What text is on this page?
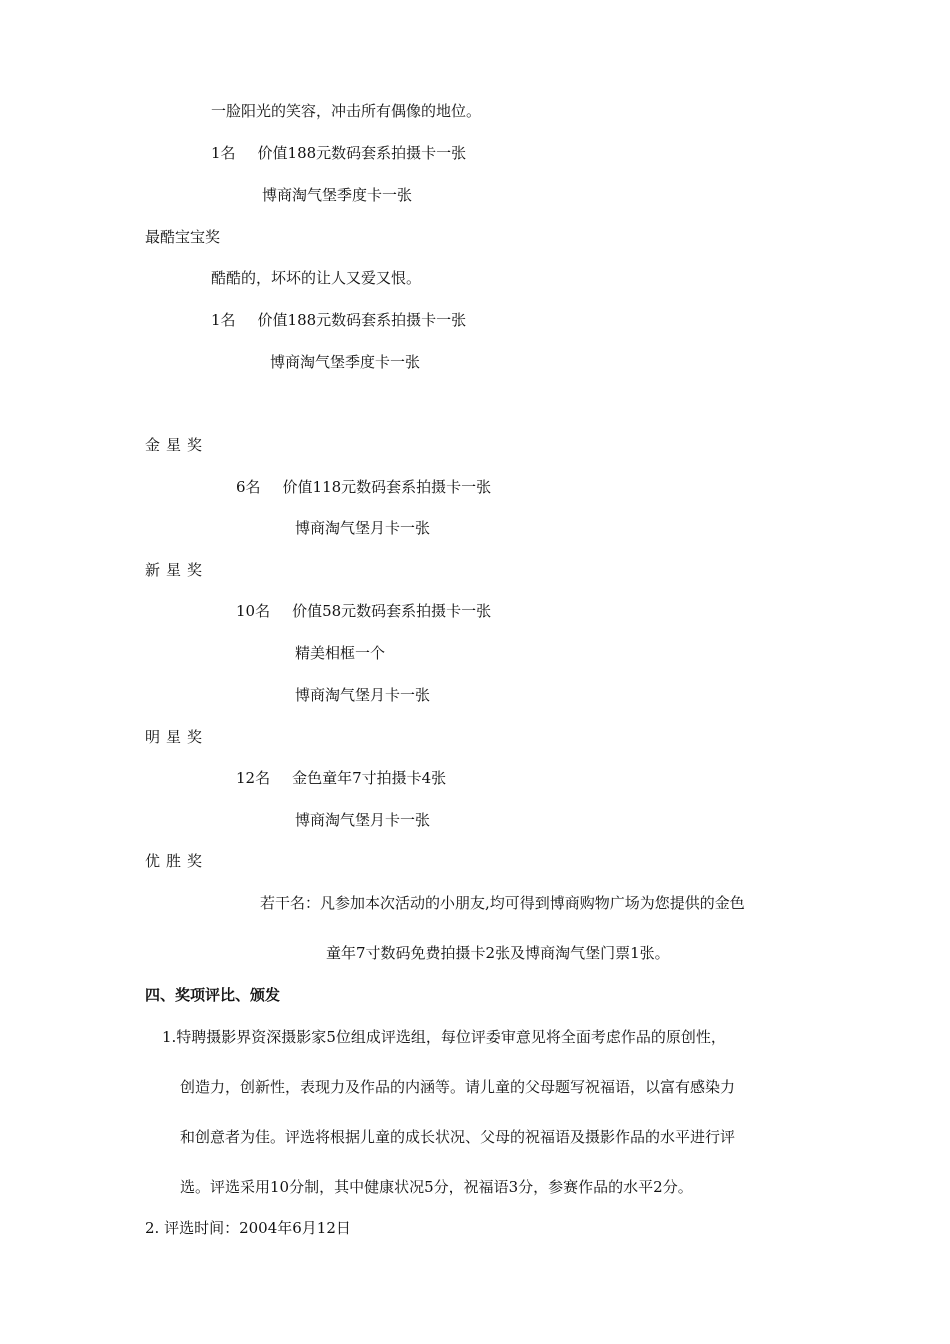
一脸阳光的笑容，冲击所有偶像的地位。
1名 价值188元数码套系拍摄卡一张
博商淘气堡季度卡一张
最酷宝宝奖
酷酷的，坏坏的让人又爱又恨。
1名 价值188元数码套系拍摄卡一张
博商淘气堡季度卡一张
金星奖
6名 价值118元数码套系拍摄卡一张
博商淘气堡月卡一张
新星奖
10名 价值58元数码套系拍摄卡一张
精美相框一个
博商淘气堡月卡一张
明星奖
12名 金色童年7寸拍摄卡4张
博商淘气堡月卡一张
优胜奖
若干名：凡参加本次活动的小朋友,均可得到博商购物广场为您提供的金色
童年7寸数码免费拍摄卡2张及博商淘气堡门票1张。
四、奖项评比、颁发
1.特聘摄影界资深摄影家5位组成评选组，每位评委审意见将全面考虑作品的原创性，
创造力，创新性，表现力及作品的内涵等。请儿童的父母题写祝福语，以富有感染力
和创意者为佳。评选将根据儿童的成长状况、父母的祝福语及摄影作品的水平进行评
选。评选采用10分制，其中健康状况5分，祝福语3分，参赛作品的水平2分。
2. 评选时间：2004年6月12日
